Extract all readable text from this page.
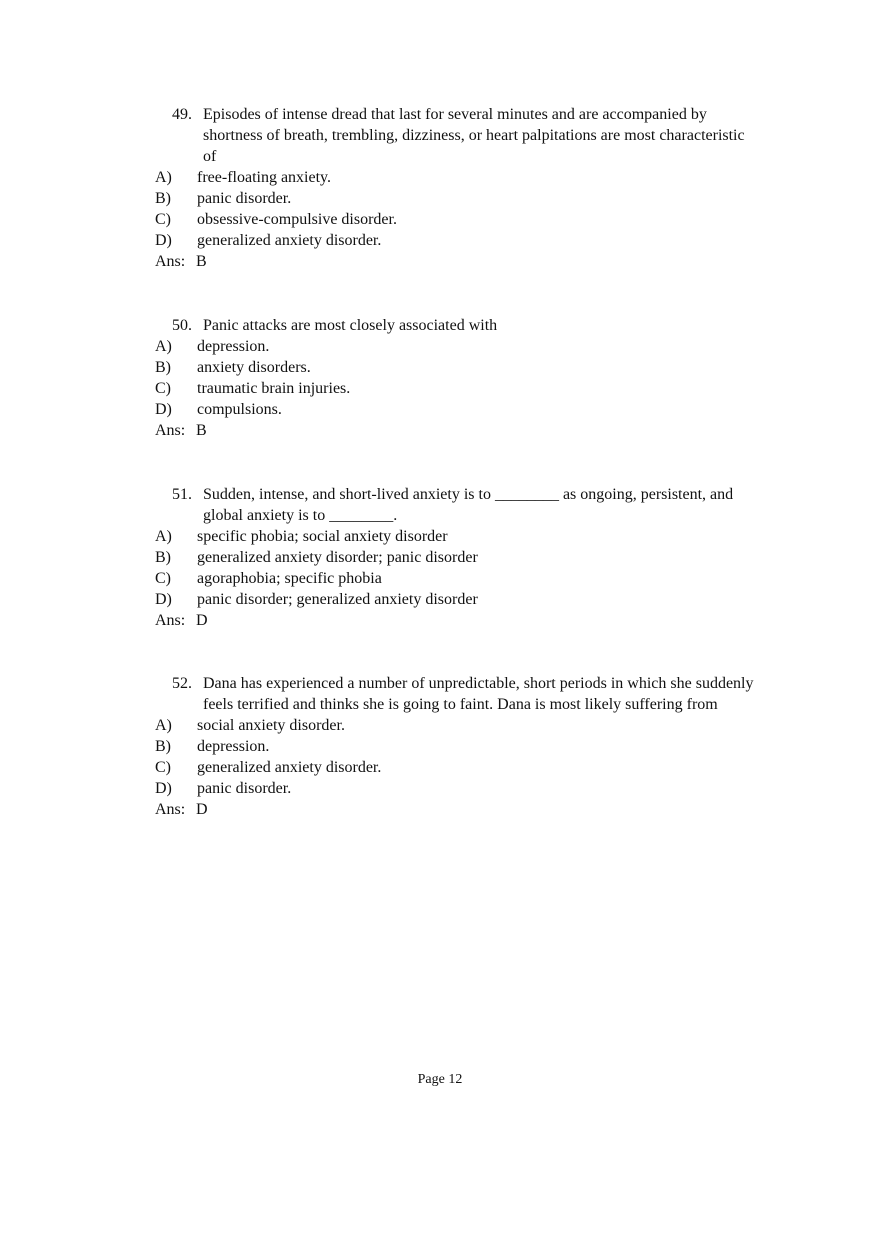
49. Episodes of intense dread that last for several minutes and are accompanied by shortness of breath, trembling, dizziness, or heart palpitations are most characteristic of
A) free-floating anxiety.
B) panic disorder.
C) obsessive-compulsive disorder.
D) generalized anxiety disorder.
Ans: B
50. Panic attacks are most closely associated with
A) depression.
B) anxiety disorders.
C) traumatic brain injuries.
D) compulsions.
Ans: B
51. Sudden, intense, and short-lived anxiety is to ________ as ongoing, persistent, and global anxiety is to ________.
A) specific phobia; social anxiety disorder
B) generalized anxiety disorder; panic disorder
C) agoraphobia; specific phobia
D) panic disorder; generalized anxiety disorder
Ans: D
52. Dana has experienced a number of unpredictable, short periods in which she suddenly feels terrified and thinks she is going to faint. Dana is most likely suffering from
A) social anxiety disorder.
B) depression.
C) generalized anxiety disorder.
D) panic disorder.
Ans: D
Page 12
